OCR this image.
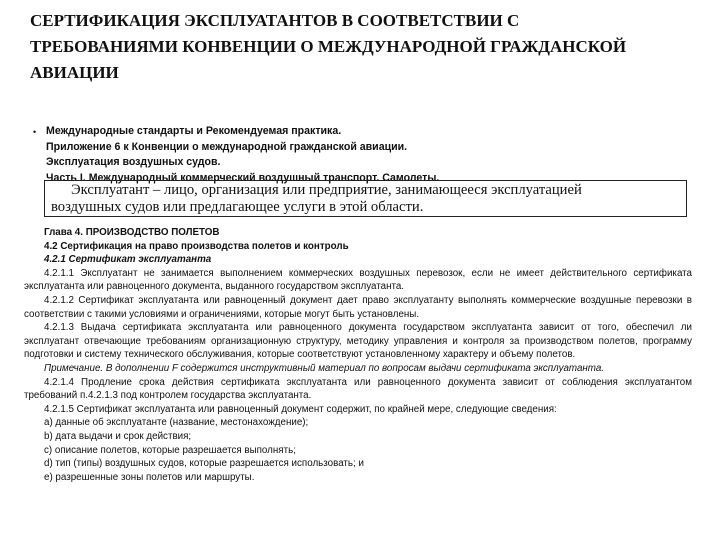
СЕРТИФИКАЦИЯ ЭКСПЛУАТАНТОВ В СООТВЕТСТВИИ С
ТРЕБОВАНИЯМИ КОНВЕНЦИИ О МЕЖДУНАРОДНОЙ ГРАЖДАНСКОЙ
АВИАЦИИ
• Международные стандарты и Рекомендуемая практика.
Приложение 6 к Конвенции о международной гражданской авиации.
Эксплуатация воздушных судов.
Часть I. Международный коммерческий воздушный транспорт. Самолеты.
Эксплуатант – лицо, организация или предприятие, занимающееся эксплуатацией
воздушных судов или предлагающее услуги в этой области.

Глава 4. ПРОИЗВОДСТВО ПОЛЕТОВ

4.2 Сертификация на право производства полетов и контроль

4.2.1 Сертификат эксплуатанта

4.2.1.1 Эксплуатант не занимается выполнением коммерческих воздушных перевозок, если не имеет действительного сертификата эксплуатанта или равноценного документа, выданного государством эксплуатанта.

4.2.1.2 Сертификат эксплуатанта или равноценный документ дает право эксплуатанту выполнять коммерческие воздушные перевозки в соответствии с такими условиями и ограничениями, которые могут быть установлены.

4.2.1.3 Выдача сертификата эксплуатанта или равноценного документа государством эксплуатанта зависит от того, обеспечил ли эксплуатант отвечающие требованиям организационную структуру, методику управления и контроля за производством полетов, программу подготовки и систему технического обслуживания, которые соответствуют установленному характеру и объему полетов.

Примечание. В дополнении F содержится инструктивный материал по вопросам выдачи сертификата эксплуатанта.

4.2.1.4 Продление срока действия сертификата эксплуатанта или равноценного документа зависит от соблюдения эксплуатантом требований п.4.2.1.3 под контролем государства эксплуатанта.

4.2.1.5 Сертификат эксплуатанта или равноценный документ содержит, по крайней мере, следующие сведения:

а) данные об эксплуатанте (название, местонахождение);

b) дата выдачи и срок действия;

c) описание полетов, которые разрешается выполнять;

d) тип (типы) воздушных судов, которые разрешается использовать; и

e) разрешенные зоны полетов или маршруты.
